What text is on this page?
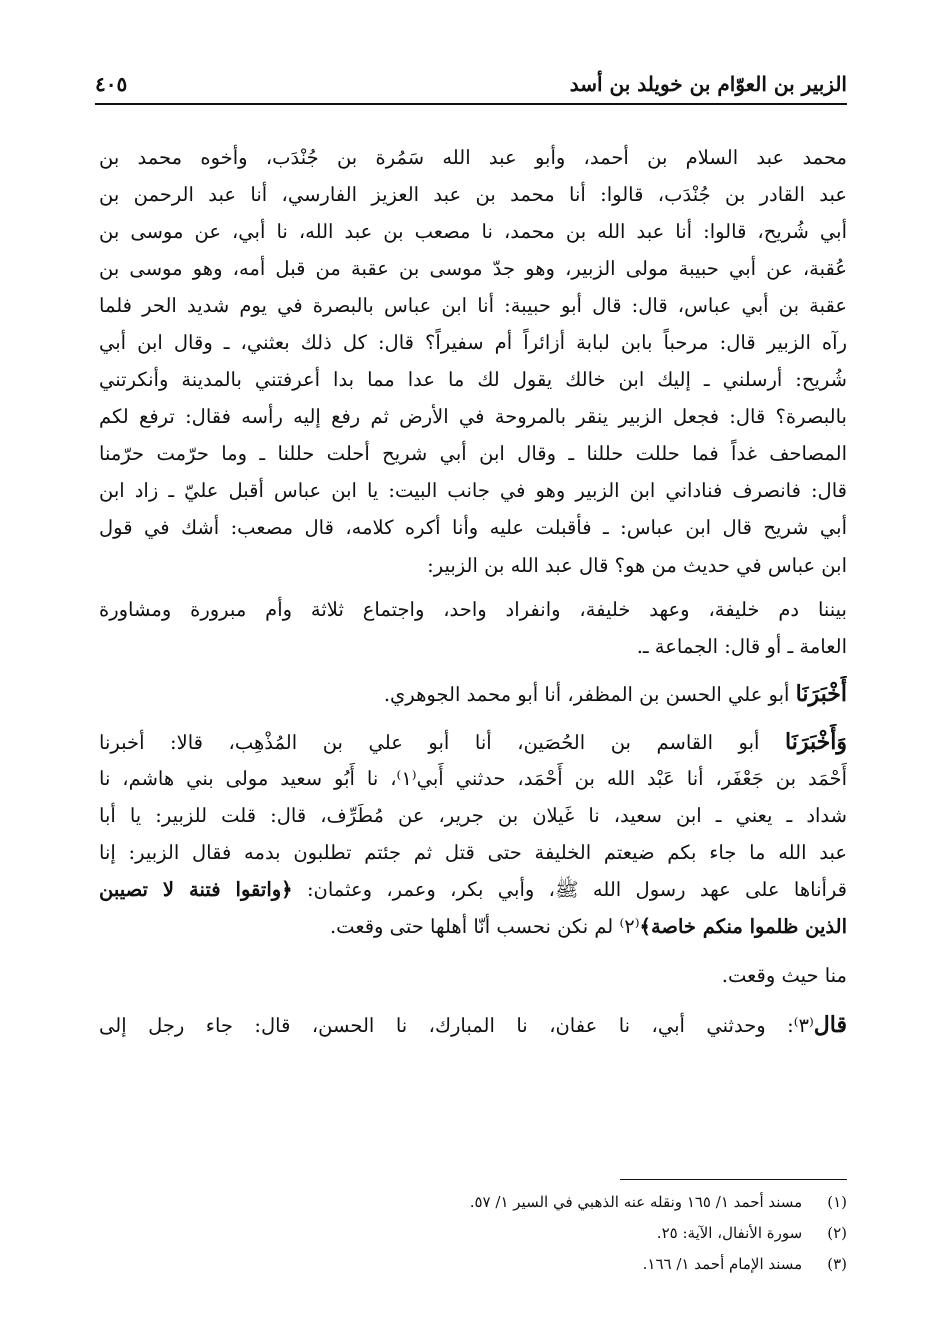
الزبير بن العوّام بن خويلد بن أسد
٤٠٥
محمد عبد السلام بن أحمد، وأبو عبد الله سَمُرة بن جُنْدَب، وأخوه محمد بن
عبد القادر بن جُنْدَب، قالوا: أنا محمد بن عبد العزيز الفارسي، أنا عبد الرحمن بن
أبي شُريح، قالوا: أنا عبد الله بن محمد، نا مصعب بن عبد الله، نا أبي، عن موسى بن
عُقبة، عن أبي حبيبة مولى الزبير، وهو جدّ موسى بن عقبة من قبل أمه، وهو موسى بن
عقبة بن أبي عباس، قال: قال أبو حبيبة: أنا ابن عباس بالبصرة في يوم شديد الحر فلما
رآه الزبير قال: مرحباً بابن لبابة أزائراً أم سفيراً؟ قال: كل ذلك بعثني، ـ وقال ابن أبي
شُريح: أرسلني ـ إليك ابن خالك يقول لك ما عدا مما بدا أعرفتني بالمدينة وأنكرتني
بالبصرة؟ قال: فجعل الزبير ينقر بالمروحة في الأرض ثم رفع إليه رأسه فقال: ترفع لكم
المصاحف غداً فما حللت حللنا ـ وقال ابن أبي شريح أحلت حللنا ـ وما حرّمت حرّمنا
قال: فانصرف فناداني ابن الزبير وهو في جانب البيت: يا ابن عباس أقبل عليّ ـ زاد ابن
أبي شريح قال ابن عباس: ـ فأقبلت عليه وأنا أكره كلامه، قال مصعب: أشك في قول
ابن عباس في حديث من هو؟ قال عبد الله بن الزبير:
بيننا دم خليفة، وعهد خليفة، وانفراد واحد، واجتماع ثلاثة وأم مبرورة ومشاورة
العامة ـ أو قال: الجماعة ـ.
أَخْبَرَنَا أبو علي الحسن بن المظفر، أنا أبو محمد الجوهري.
وَأَخْبَرَنَا أبو القاسم بن الحُصَين، أنا أبو علي بن المُذْهِب، قالا: أخبرنا
أَحْمَد بن جَعْفَر، أنا عَبْد الله بن أَحْمَد، حدثني أَبي⁽١⁾، نا أَبُو سعيد مولى بني هاشم، نا
شداد ـ يعني ـ ابن سعيد، نا غَيلان بن جرير، عن مُطَرِّف، قال: قلت للزبير: يا أبا
عبد الله ما جاء بكم ضيعتم الخليفة حتى قتل ثم جئتم تطلبون بدمه فقال الزبير: إنا
قرأناها على عهد رسول الله ﷺ، وأبي بكر، وعمر، وعثمان: ﴿واتقوا فتنة لا تصيبن
الذين ظلموا منكم خاصة﴾⁽٢⁾ لم نكن نحسب أنّا أهلها حتى وقعت.
منا حيث وقعت.
قال⁽٣⁾: وحدثني أبي، نا عفان، نا المبارك، نا الحسن، قال: جاء رجل إلى
(١) مسند أحمد ١/ ١٦٥ ونقله عنه الذهبي في السير ١/ ٥٧.
(٢) سورة الأنفال، الآية: ٢٥.
(٣) مسند الإمام أحمد ١/ ١٦٦.
